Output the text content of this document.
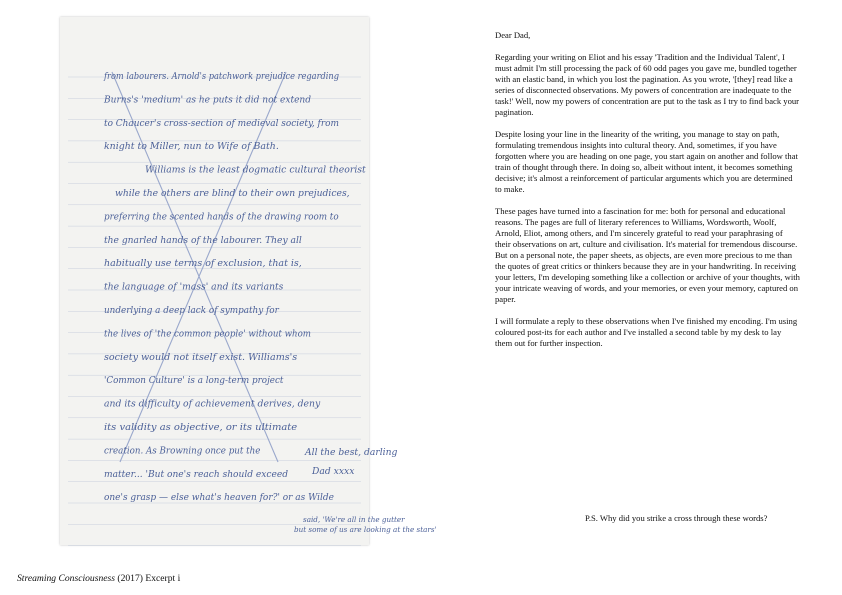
from labourers. Arnold's patchwork prejudice regarding
Burns's 'medium' as he puts it did not extend
to Chaucer's cross-section of medieval society, from
knight to Miller, nun to Wife of Bath.
Williams is the least dogmatic cultural theorist
while the others are blind to their own prejudices,
preferring the scented hands of the drawing room to
the gnarled hands of the labourer. They all
habitually use terms of exclusion, that is,
the language of 'mass' and its variants
underlying a deep lack of sympathy for
the lives of 'the common people' without whom
society would not itself exist. Williams's
'Common Culture' is a long-term project
and its difficulty of achievement derives, deny
its validity as objective, or its ultimate
creation. As Browning once put the
matter... 'But one's reach should exceed
one's grasp — else what's heaven for?' or as Wilde
All the best, darling
Dad xxxx
said, 'We're all in the gutter
but some of us are looking at the stars'

Dear Dad,

Regarding your writing on Eliot and his essay 'Tradition and the Individual Talent', I must admit I'm still processing the pack of 60 odd pages you gave me, bundled together with an elastic band, in which you lost the pagination. As you wrote, '[they] read like a series of disconnected observations. My powers of concentration are inadequate to the task!' Well, now my powers of concentration are put to the task as I try to find back your pagination.

Despite losing your line in the linearity of the writing, you manage to stay on path, formulating tremendous insights into cultural theory. And, sometimes, if you have forgotten where you are heading on one page, you start again on another and follow that train of thought through there. In doing so, albeit without intent, it becomes something decisive; it's almost a reinforcement of particular arguments which you are determined to make.

These pages have turned into a fascination for me: both for personal and educational reasons. The pages are full of literary references to Williams, Wordsworth, Woolf, Arnold, Eliot, among others, and I'm sincerely grateful to read your paraphrasing of their observations on art, culture and civilisation. It's material for tremendous discourse. But on a personal note, the paper sheets, as objects, are even more precious to me than the quotes of great critics or thinkers because they are in your handwriting. In receiving your letters, I'm developing something like a collection or archive of your thoughts, with your intricate weaving of words, and your memories, or even your memory, captured on paper.

I will formulate a reply to these observations when I've finished my encoding. I'm using coloured post-its for each author and I've installed a second table by my desk to lay them out for further inspection.

P.S. Why did you strike a cross through these words?
Streaming Consciousness (2017) Excerpt i
